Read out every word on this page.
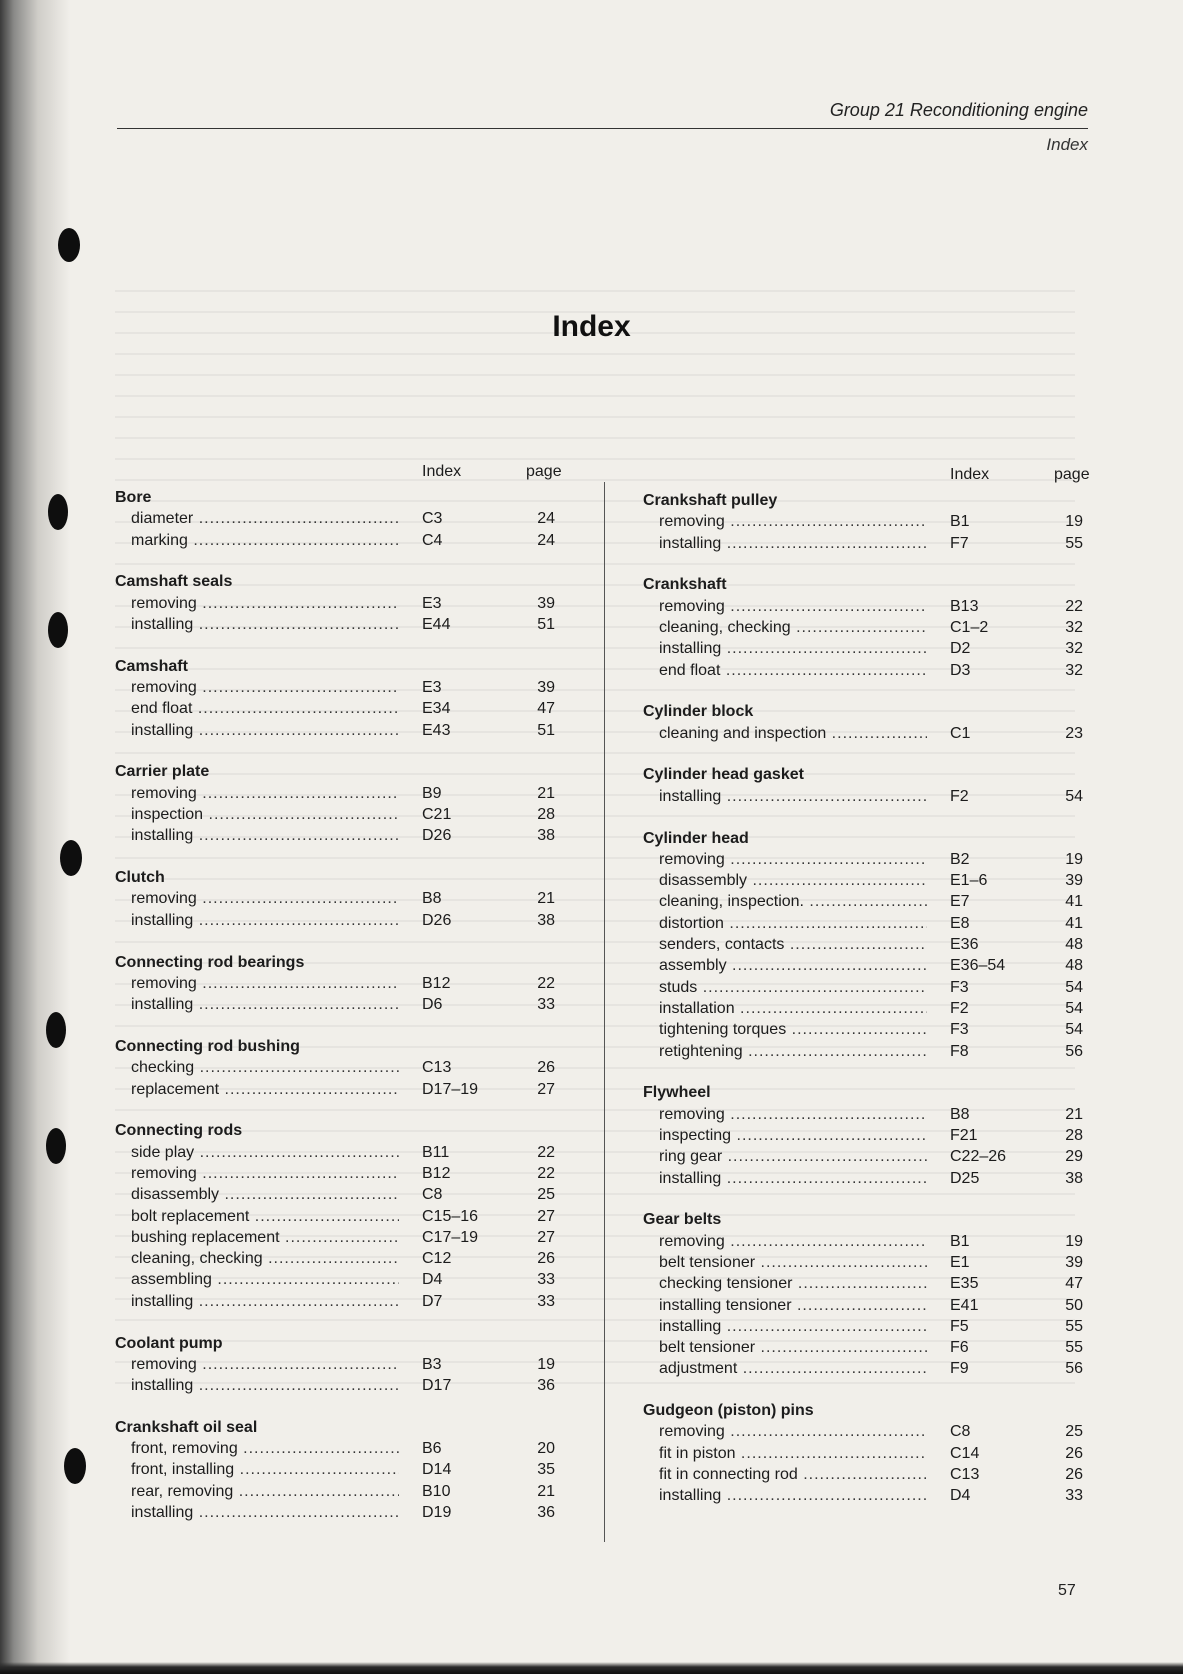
Group 21 Reconditioning engine
Index
Index
Index	page
Bore
diameter .....	C3	24
marking .....	C4	24
Camshaft seals
removing .....	E3	39
installing .....	E44	51
Camshaft
removing .....	E3	39
end float .....	E34	47
installing .....	E43	51
Carrier plate
removing .....	B9	21
inspection .....	C21	28
installing .....	D26	38
Clutch
removing .....	B8	21
installing .....	D26	38
Connecting rod bearings
removing .....	B12	22
installing .....	D6	33
Connecting rod bushing
checking .....	C13	26
replacement .....	D17–19	27
Connecting rods
side play .....	B11	22
removing .....	B12	22
disassembly .....	C8	25
bolt replacement .....	C15–16	27
bushing replacement .....	C17–19	27
cleaning, checking .....	C12	26
assembling .....	D4	33
installing .....	D7	33
Coolant pump
removing .....	B3	19
installing .....	D17	36
Crankshaft oil seal
front, removing .....	B6	20
front, installing .....	D14	35
rear, removing .....	B10	21
installing .....	D19	36
Index	page
Crankshaft pulley
removing .....	B1	19
installing .....	F7	55
Crankshaft
removing .....	B13	22
cleaning, checking .....	C1–2	32
installing .....	D2	32
end float .....	D3	32
Cylinder block
cleaning and inspection .....	C1	23
Cylinder head gasket
installing .....	F2	54
Cylinder head
removing .....	B2	19
disassembly .....	E1–6	39
cleaning, inspection. .....	E7	41
distortion .....	E8	41
senders, contacts .....	E36	48
assembly .....	E36–54	48
studs .....	F3	54
installation .....	F2	54
tightening torques .....	F3	54
retightening .....	F8	56
Flywheel
removing .....	B8	21
inspecting .....	F21	28
ring gear .....	C22–26	29
installing .....	D25	38
Gear belts
removing .....	B1	19
belt tensioner .....	E1	39
checking tensioner .....	E35	47
installing tensioner .....	E41	50
installing .....	F5	55
belt tensioner .....	F6	55
adjustment .....	F9	56
Gudgeon (piston) pins
removing .....	C8	25
fit in piston .....	C14	26
fit in connecting rod .....	C13	26
installing .....	D4	33
57
